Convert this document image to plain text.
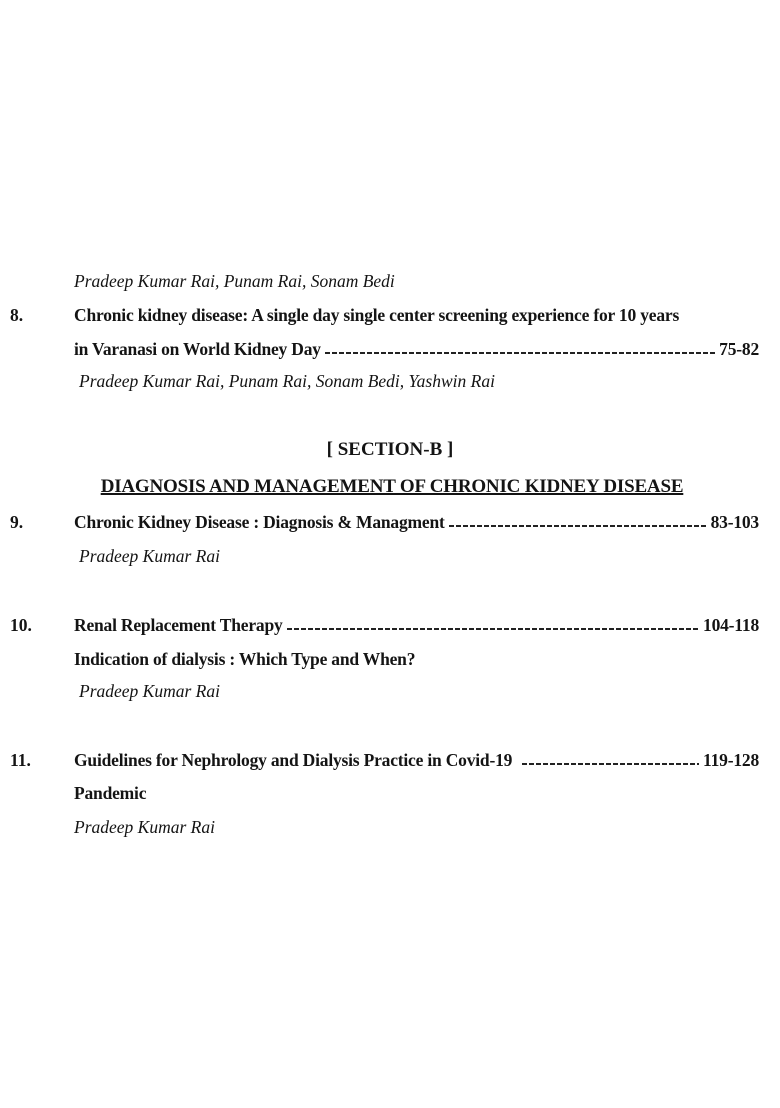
Pradeep Kumar Rai, Punam Rai, Sonam Bedi
8.	Chronic kidney disease: A single day single center screening experience for 10 years
in Varanasi on World Kidney Day	75-82
Pradeep Kumar Rai, Punam Rai, Sonam Bedi, Yashwin Rai
[ SECTION-B ]
DIAGNOSIS AND MANAGEMENT OF CHRONIC KIDNEY DISEASE
9.	Chronic Kidney Disease : Diagnosis & Managment	83-103
Pradeep Kumar Rai
10. Renal Replacement Therapy	104-118
Indication of dialysis : Which Type and When?
Pradeep Kumar Rai
11. Guidelines for Nephrology and Dialysis Practice in Covid-19	119-128
Pandemic
Pradeep Kumar Rai
